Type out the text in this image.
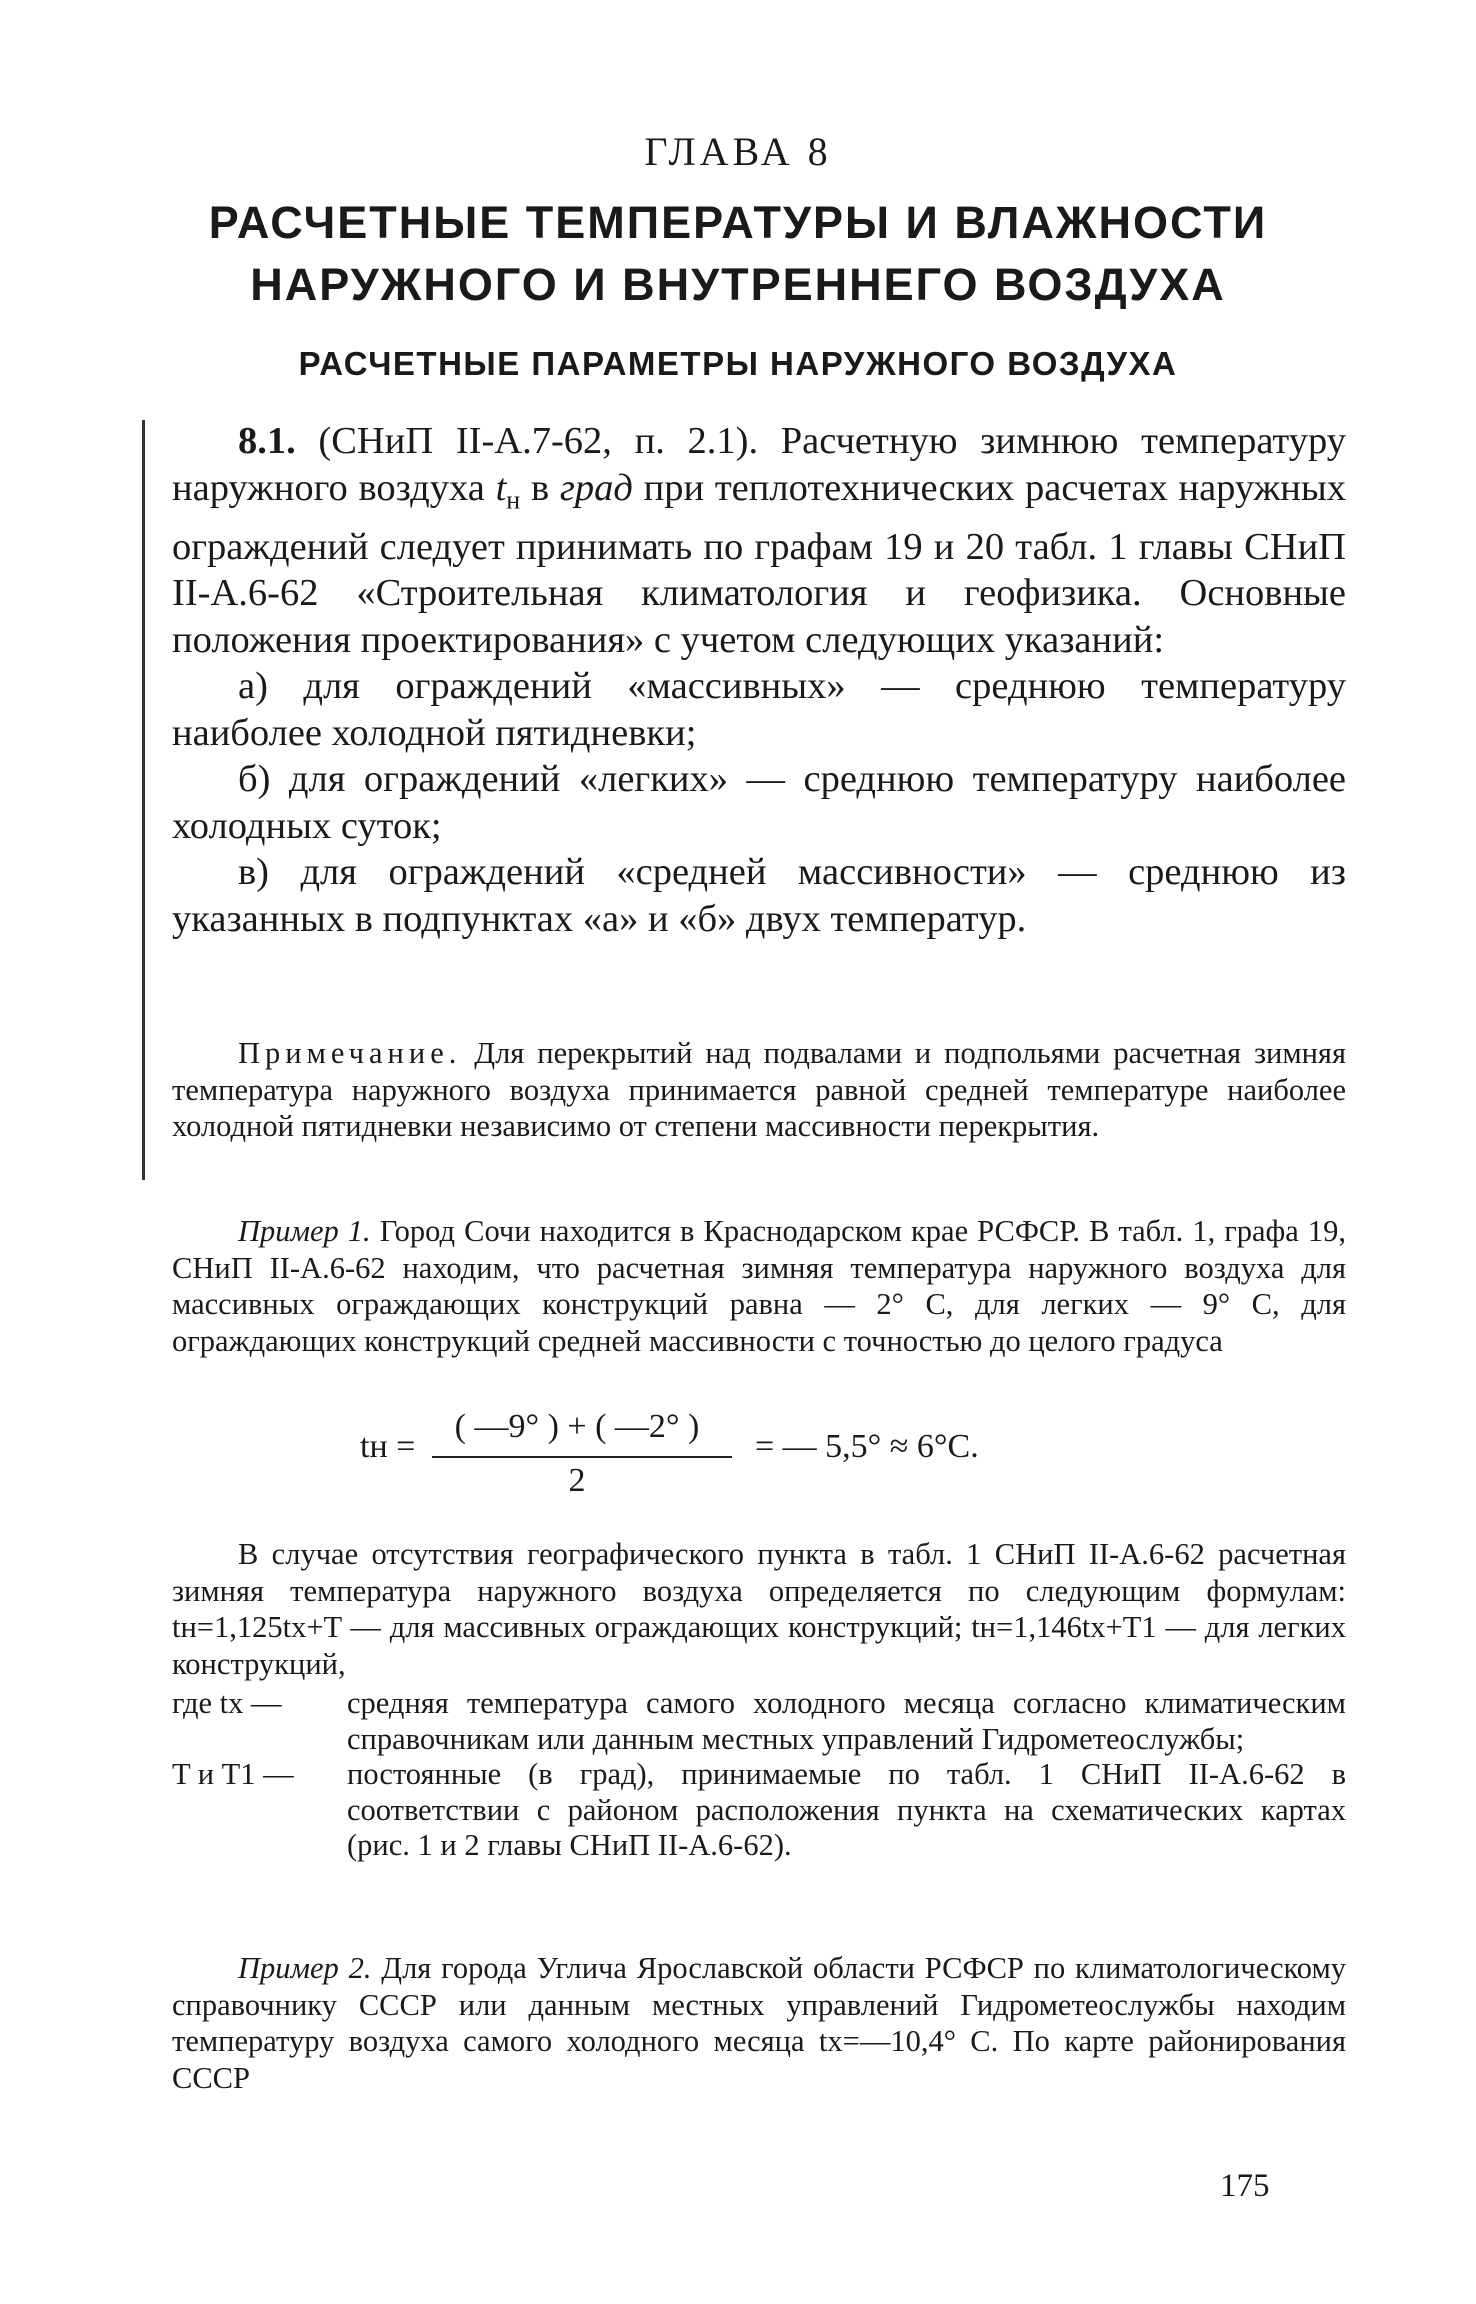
ГЛАВА 8
РАСЧЕТНЫЕ ТЕМПЕРАТУРЫ И ВЛАЖНОСТИ
НАРУЖНОГО И ВНУТРЕННЕГО ВОЗДУХА
РАСЧЕТНЫЕ ПАРАМЕТРЫ НАРУЖНОГО ВОЗДУХА

8.1. (СНиП II-А.7-62, п. 2.1). Расчетную зимнюю температуру наружного воздуха $t_н$ в град при теплотехнических расчетах наружных ограждений следует принимать по графам 19 и 20 табл. 1 главы СНиП II-А.6-62 «Строительная климатология и геофизика. Основные положения проектирования» с учетом следующих указаний:

а) для ограждений «массивных» — среднюю температуру наиболее холодной пятидневки;

б) для ограждений «легких» — среднюю температуру наиболее холодных суток;

в) для ограждений «средней массивности» — среднюю из указанных в подпунктах «а» и «б» двух температур.

Примечание. Для перекрытий над подвалами и подпольями расчетная зимняя температура наружного воздуха принимается равной средней температуре наиболее холодной пятидневки независимо от степени массивности перекрытия.

Пример 1. Город Сочи находится в Краснодарском крае РСФСР. В табл. 1, графа 19, СНиП II-А.6-62 находим, что расчетная зимняя температура наружного воздуха для массивных ограждающих конструкций равна — 2° С, для легких — 9° С, для ограждающих конструкций средней массивности с точностью до целого градуса

tн =
( —9° ) + ( —2° )
2
= — 5,5° ≈ 6°С.

В случае отсутствия географического пункта в табл. 1 СНиП II-А.6-62 расчетная зимняя температура наружного воздуха определяется по следующим формулам: tн=1,125tх+T — для массивных ограждающих конструкций; tн=1,146tх+T1 — для легких конструкций,

где tх —	средняя температура самого холодного месяца согласно климатическим справочникам или данным местных управлений Гидрометеослужбы;
T и T1 —	постоянные (в град), принимаемые по табл. 1 СНиП II-А.6-62 в соответствии с районом расположения пункта на схематических картах (рис. 1 и 2 главы СНиП II-А.6-62).

Пример 2. Для города Углича Ярославской области РСФСР по климатологическому справочнику СССР или данным местных управлений Гидрометеослужбы находим температуру воздуха самого холодного месяца tх=—10,4° С. По карте районирования СССР

175
